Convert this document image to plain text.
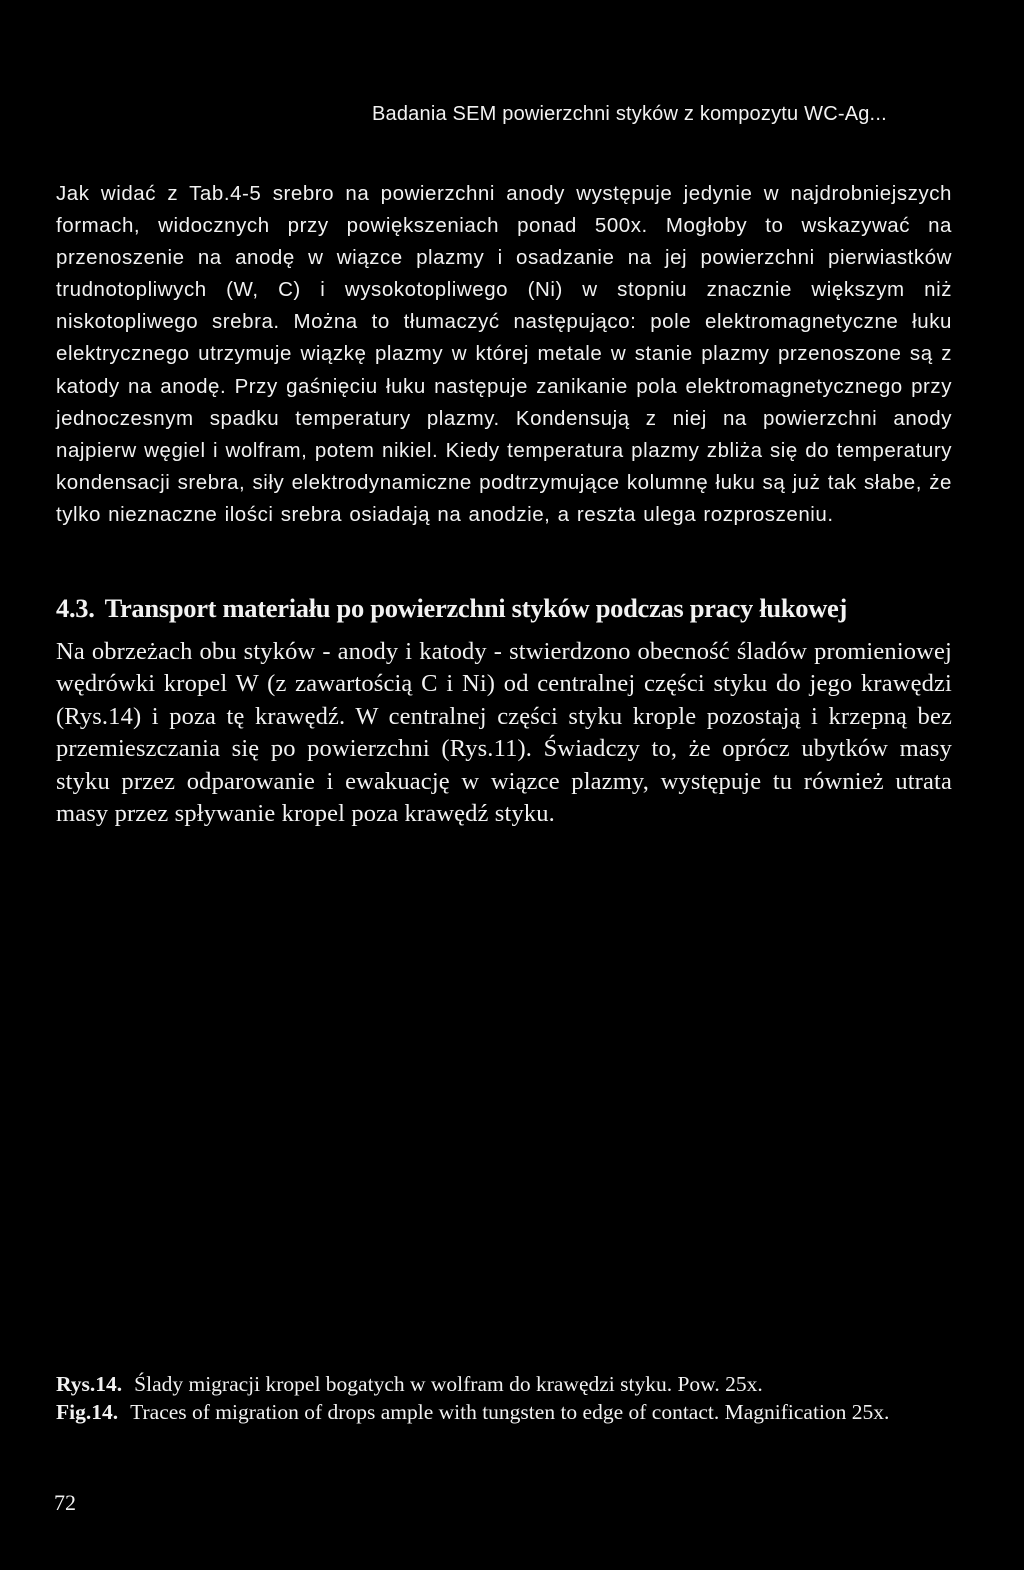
Badania SEM powierzchni styków z kompozytu WC-Ag...

Jak widać z Tab.4-5 srebro na powierzchni anody występuje jedynie w najdrobniejszych formach, widocznych przy powiększeniach ponad 500x. Mogłoby to wskazywać na przenoszenie na anodę w wiązce plazmy i osadzanie na jej powierzchni pierwiastków trudnotopliwych (W, C) i wysokotopliwego (Ni) w stopniu znacznie większym niż niskotopliwego srebra. Można to tłumaczyć następująco: pole elektromagnetyczne łuku elektrycznego utrzymuje wiązkę plazmy w której metale w stanie plazmy przenoszone są z katody na anodę. Przy gaśnięciu łuku następuje zanikanie pola elektromagnetycznego przy jednoczesnym spadku temperatury plazmy. Kondensują z niej na powierzchni anody najpierw węgiel i wolfram, potem nikiel. Kiedy temperatura plazmy zbliża się do temperatury kondensacji srebra, siły elektrodynamiczne podtrzymujące kolumnę łuku są już tak słabe, że tylko nieznaczne ilości srebra osiadają na anodzie, a reszta ulega rozproszeniu.

4.3. Transport materiału po powierzchni styków podczas pracy łukowej

Na obrzeżach obu styków - anody i katody - stwierdzono obecność śladów promieniowej wędrówki kropel W (z zawartością C i Ni) od centralnej części styku do jego krawędzi (Rys.14) i poza tę krawędź. W centralnej części styku krople pozostają i krzepną bez przemieszczania się po powierzchni (Rys.11). Świadczy to, że oprócz ubytków masy styku przez odparowanie i ewakuację w wiązce plazmy, występuje tu również utrata masy przez spływanie kropel poza krawędź styku.

Rys.14. Ślady migracji kropel bogatych w wolfram do krawędzi styku. Pow. 25x.

Fig.14. Traces of migration of drops ample with tungsten to edge of contact. Magnification 25x.

72
